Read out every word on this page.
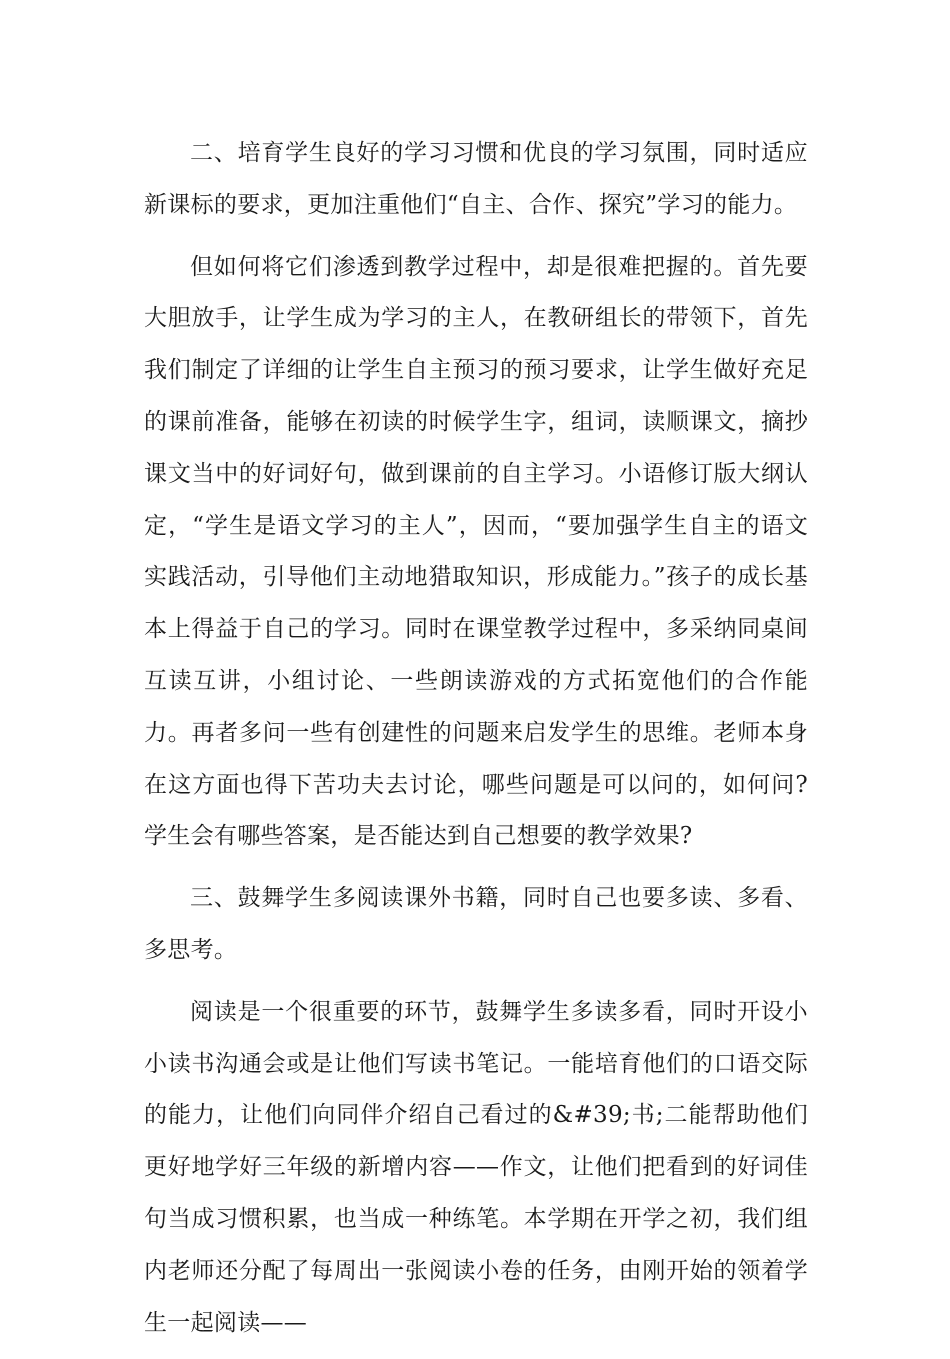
二、培育学生良好的学习习惯和优良的学习氛围，同时适应新课标的要求，更加注重他们“自主、合作、探究”学习的能力。

但如何将它们渗透到教学过程中，却是很难把握的。首先要大胆放手，让学生成为学习的主人，在教研组长的带领下，首先我们制定了详细的让学生自主预习的预习要求，让学生做好充足的课前准备，能够在初读的时候学生字，组词，读顺课文，摘抄课文当中的好词好句，做到课前的自主学习。小语修订版大纲认定，“学生是语文学习的主人”，因而，“要加强学生自主的语文实践活动，引导他们主动地猎取知识，形成能力。”孩子的成长基本上得益于自己的学习。同时在课堂教学过程中，多采纳同桌间互读互讲，小组讨论、一些朗读游戏的方式拓宽他们的合作能力。再者多问一些有创建性的问题来启发学生的思维。老师本身在这方面也得下苦功夫去讨论，哪些问题是可以问的，如何问?学生会有哪些答案，是否能达到自己想要的教学效果?

三、鼓舞学生多阅读课外书籍，同时自己也要多读、多看、多思考。

阅读是一个很重要的环节，鼓舞学生多读多看，同时开设小小读书沟通会或是让他们写读书笔记。一能培育他们的口语交际的能力，让他们向同伴介绍自己看过的&#39;书;二能帮助他们更好地学好三年级的新增内容——作文，让他们把看到的好词佳句当成习惯积累，也当成一种练笔。本学期在开学之初，我们组内老师还分配了每周出一张阅读小卷的任务，由刚开始的领着学生一起阅读——
